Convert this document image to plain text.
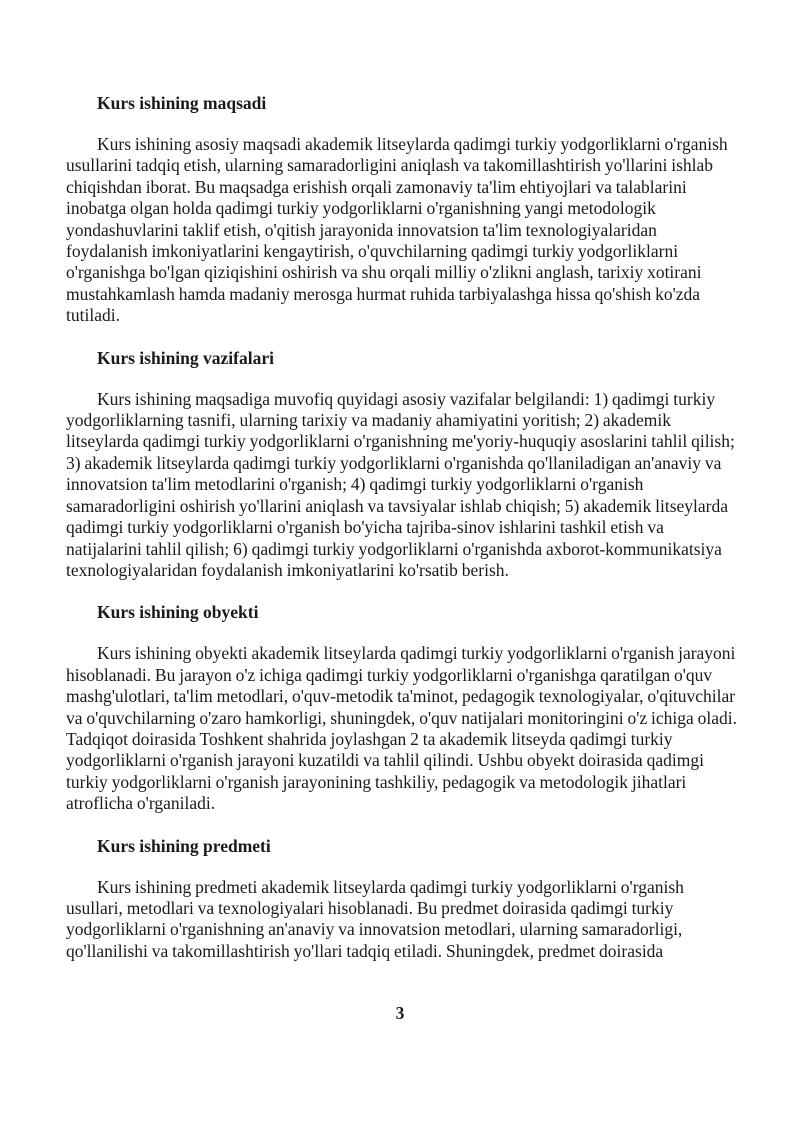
Kurs ishining maqsadi

Kurs ishining asosiy maqsadi akademik litseylarda qadimgi turkiy yodgorliklarni o'rganish usullarini tadqiq etish, ularning samaradorligini aniqlash va takomillashtirish yo'llarini ishlab chiqishdan iborat. Bu maqsadga erishish orqali zamonaviy ta'lim ehtiyojlari va talablarini inobatga olgan holda qadimgi turkiy yodgorliklarni o'rganishning yangi metodologik yondashuvlarini taklif etish, o'qitish jarayonida innovatsion ta'lim texnologiyalaridan foydalanish imkoniyatlarini kengaytirish, o'quvchilarning qadimgi turkiy yodgorliklarni o'rganishga bo'lgan qiziqishini oshirish va shu orqali milliy o'zlikni anglash, tarixiy xotirani mustahkamlash hamda madaniy merosga hurmat ruhida tarbiyalashga hissa qo'shish ko'zda tutiladi.

Kurs ishining vazifalari

Kurs ishining maqsadiga muvofiq quyidagi asosiy vazifalar belgilandi: 1) qadimgi turkiy yodgorliklarning tasnifi, ularning tarixiy va madaniy ahamiyatini yoritish; 2) akademik litseylarda qadimgi turkiy yodgorliklarni o'rganishning me'yoriy-huquqiy asoslarini tahlil qilish; 3) akademik litseylarda qadimgi turkiy yodgorliklarni o'rganishda qo'llaniladigan an'anaviy va innovatsion ta'lim metodlarini o'rganish; 4) qadimgi turkiy yodgorliklarni o'rganish samaradorligini oshirish yo'llarini aniqlash va tavsiyalar ishlab chiqish; 5) akademik litseylarda qadimgi turkiy yodgorliklarni o'rganish bo'yicha tajriba-sinov ishlarini tashkil etish va natijalarini tahlil qilish; 6) qadimgi turkiy yodgorliklarni o'rganishda axborot-kommunikatsiya texnologiyalaridan foydalanish imkoniyatlarini ko'rsatib berish.

Kurs ishining obyekti

Kurs ishining obyekti akademik litseylarda qadimgi turkiy yodgorliklarni o'rganish jarayoni hisoblanadi. Bu jarayon o'z ichiga qadimgi turkiy yodgorliklarni o'rganishga qaratilgan o'quv mashg'ulotlari, ta'lim metodlari, o'quv-metodik ta'minot, pedagogik texnologiyalar, o'qituvchilar va o'quvchilarning o'zaro hamkorligi, shuningdek, o'quv natijalari monitoringini o'z ichiga oladi. Tadqiqot doirasida Toshkent shahrida joylashgan 2 ta akademik litseyda qadimgi turkiy yodgorliklarni o'rganish jarayoni kuzatildi va tahlil qilindi. Ushbu obyekt doirasida qadimgi turkiy yodgorliklarni o'rganish jarayonining tashkiliy, pedagogik va metodologik jihatlari atroflicha o'rganiladi.

Kurs ishining predmeti

Kurs ishining predmeti akademik litseylarda qadimgi turkiy yodgorliklarni o'rganish usullari, metodlari va texnologiyalari hisoblanadi. Bu predmet doirasida qadimgi turkiy yodgorliklarni o'rganishning an'anaviy va innovatsion metodlari, ularning samaradorligi, qo'llanilishi va takomillashtirish yo'llari tadqiq etiladi. Shuningdek, predmet doirasida

3
